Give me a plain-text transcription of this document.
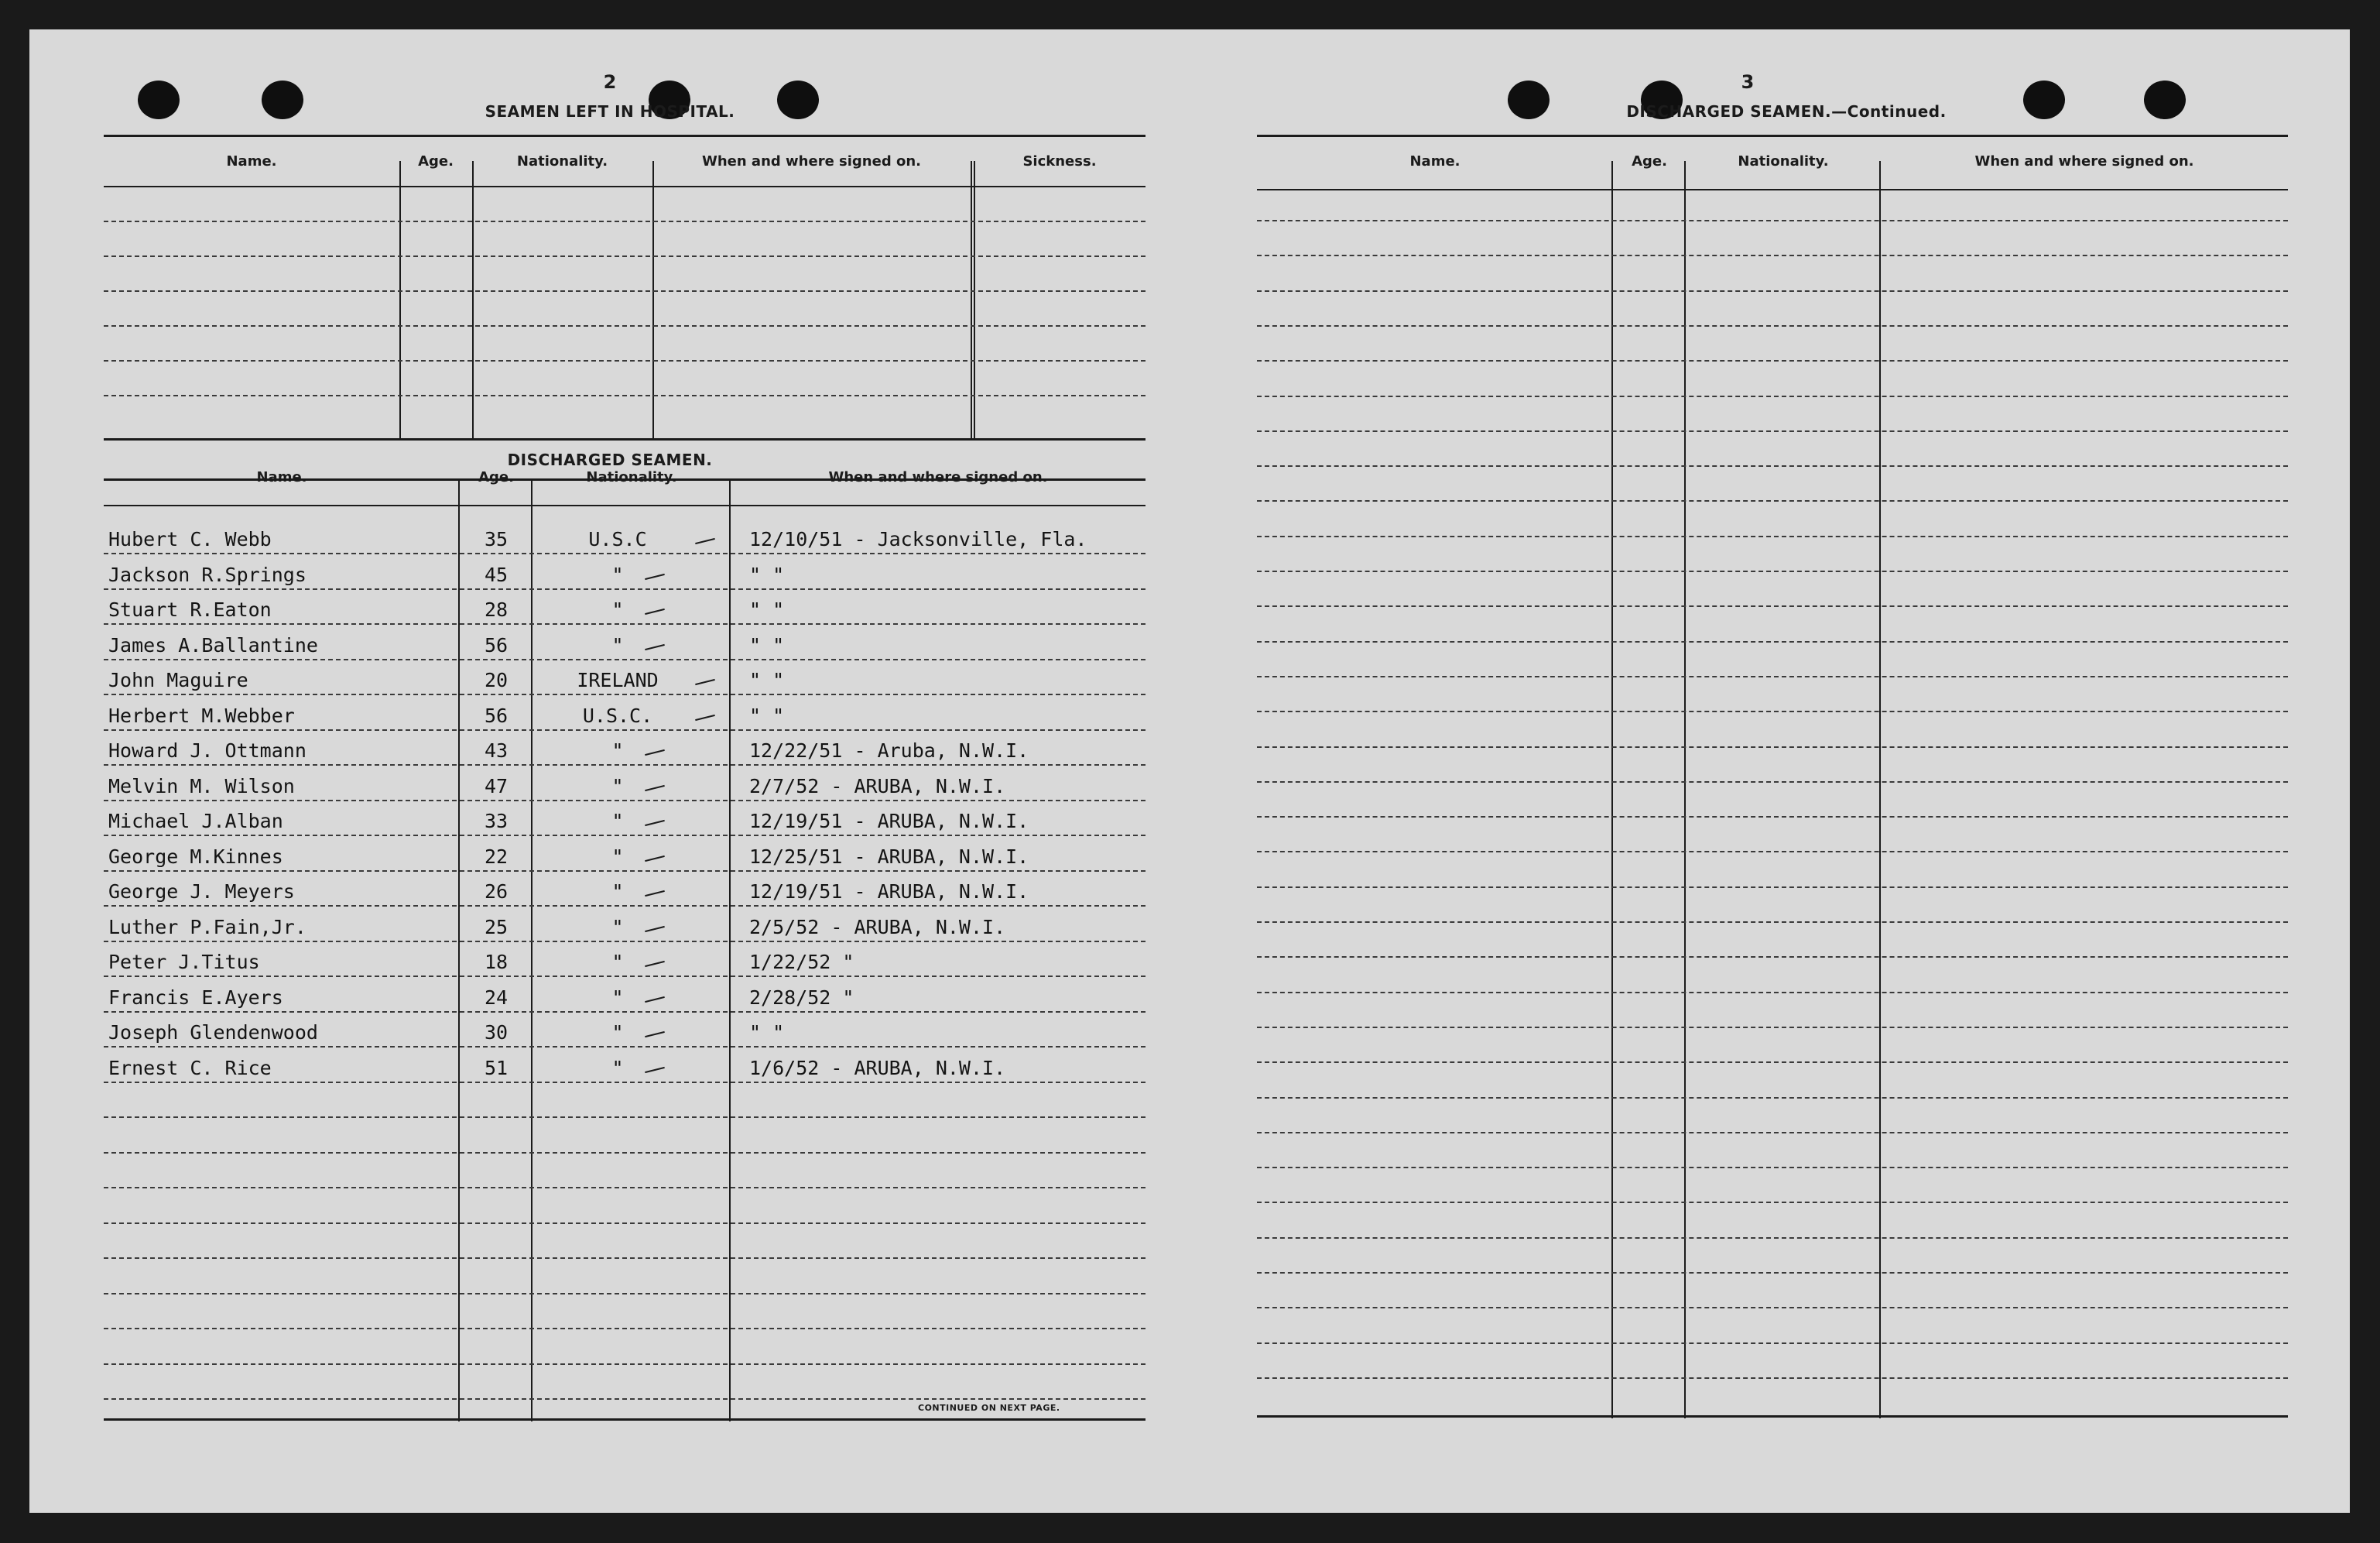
2
SEAMEN LEFT IN HOSPITAL.
Name.	Age.	Nationality.	When and where signed on.	Sickness.
DISCHARGED SEAMEN.
Name.	Age.	Nationality.	When and where signed on.
Hubert C. Webb	35	U.S.C	12/10/51 - Jacksonville, Fla.
Jackson R.Springs	45	"	" "
Stuart R.Eaton	28	"	" "
James A.Ballantine	56	"	" "
John Maguire	20	IRELAND	" "
Herbert M.Webber	56	U.S.C.	" "
Howard J. Ottmann	43	"	12/22/51 - Aruba, N.W.I.
Melvin M. Wilson	47	"	2/7/52 - ARUBA, N.W.I.
Michael J.Alban	33	"	12/19/51 - ARUBA, N.W.I.
George M.Kinnes	22	"	12/25/51 - ARUBA, N.W.I.
George J. Meyers	26	"	12/19/51 - ARUBA, N.W.I.
Luther P.Fain,Jr.	25	"	2/5/52 - ARUBA, N.W.I.
Peter J.Titus	18	"	1/22/52 "
Francis E.Ayers	24	"	2/28/52 "
Joseph Glendenwood	30	"	" "
Ernest C. Rice	51	"	1/6/52 - ARUBA, N.W.I.
CONTINUED ON NEXT PAGE.
3
DISCHARGED SEAMEN.—Continued.
Name.	Age.	Nationality.	When and where signed on.
